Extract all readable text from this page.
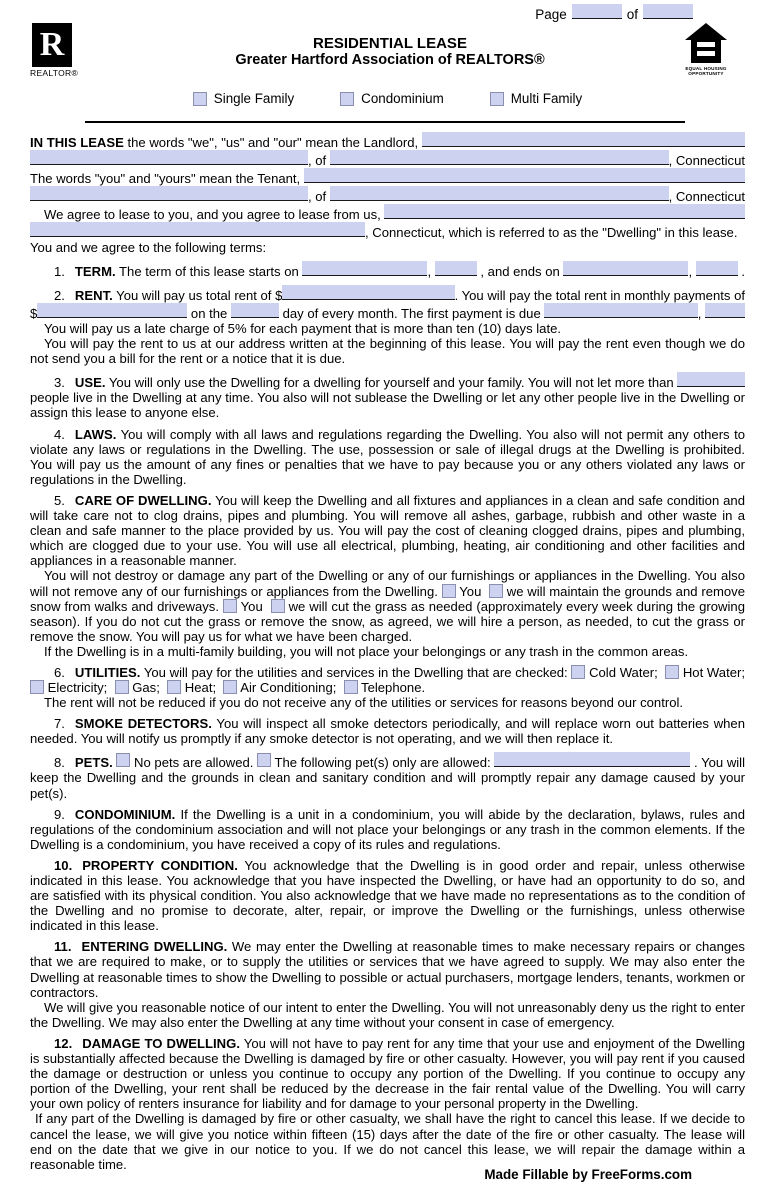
Page	of
R
REALTOR®
RESIDENTIAL LEASE
Greater Hartford Association of REALTORS®
EQUAL HOUSING
OPPORTUNITY
Single Family	Condominium	Multi Family
IN THIS LEASE the words "we", "us" and "our" mean the Landlord,
, of	, Connecticut
The words "you" and "yours" mean the Tenant,
, of	, Connecticut
We agree to lease to you, and you agree to lease from us,
, Connecticut, which is referred to as the "Dwelling" in this lease.
You and we agree to the following terms:
1. TERM. The term of this lease starts on	,	, and ends on	,	.
2. RENT. You will pay us total rent of $	. You will pay the total rent in monthly payments of
$	on the	day of every month. The first payment is due	,
You will pay us a late charge of 5% for each payment that is more than ten (10) days late.
You will pay the rent to us at our address written at the beginning of this lease. You will pay the rent even though we do not send you a bill for the rent or a notice that it is due.
3. USE. You will only use the Dwelling for a dwelling for yourself and your family. You will not let more than
people live in the Dwelling at any time. You also will not sublease the Dwelling or let any other people live in the Dwelling or assign this lease to anyone else.
4. LAWS. You will comply with all laws and regulations regarding the Dwelling. You also will not permit any others to violate any laws or regulations in the Dwelling. The use, possession or sale of illegal drugs at the Dwelling is prohibited. You will pay us the amount of any fines or penalties that we have to pay because you or any others violated any laws or regulations in the Dwelling.
5. CARE OF DWELLING. You will keep the Dwelling and all fixtures and appliances in a clean and safe condition and will take care not to clog drains, pipes and plumbing. You will remove all ashes, garbage, rubbish and other waste in a clean and safe manner to the place provided by us. You will pay the cost of cleaning clogged drains, pipes and plumbing, which are clogged due to your use. You will use all electrical, plumbing, heating, air conditioning and other facilities and appliances in a reasonable manner.
You will not destroy or damage any part of the Dwelling or any of our furnishings or appliances in the Dwelling. You also will not remove any of our furnishings or appliances from the Dwelling.  You   we will maintain the grounds and remove snow from walks and driveways.  You   we will cut the grass as needed (approximately every week during the growing season). If you do not cut the grass or remove the snow, as agreed, we will hire a person, as needed, to cut the grass or remove the snow. You will pay us for what we have been charged.
If the Dwelling is in a multi-family building, you will not place your belongings or any trash in the common areas.
6. UTILITIES. You will pay for the utilities and services in the Dwelling that are checked:  Cold Water;   Hot Water;   Electricity;   Gas;   Heat;   Air Conditioning;   Telephone.
The rent will not be reduced if you do not receive any of the utilities or services for reasons beyond our control.
7. SMOKE DETECTORS. You will inspect all smoke detectors periodically, and will replace worn out batteries when needed. You will notify us promptly if any smoke detector is not operating, and we will then replace it.
8. PETS.
No pets are allowed. The following pet(s) only are allowed:	. You will
keep the Dwelling and the grounds in clean and sanitary condition and will promptly repair any damage caused by your pet(s).
9. CONDOMINIUM. If the Dwelling is a unit in a condominium, you will abide by the declaration, bylaws, rules and regulations of the condominium association and will not place your belongings or any trash in the common elements. If the Dwelling is a condominium, you have received a copy of its rules and regulations.
10. PROPERTY CONDITION. You acknowledge that the Dwelling is in good order and repair, unless otherwise indicated in this lease. You acknowledge that you have inspected the Dwelling, or have had an opportunity to do so, and are satisfied with its physical condition. You also acknowledge that we have made no representations as to the condition of the Dwelling and no promise to decorate, alter, repair, or improve the Dwelling or the furnishings, unless otherwise indicated in this lease.
11. ENTERING DWELLING. We may enter the Dwelling at reasonable times to make necessary repairs or changes that we are required to make, or to supply the utilities or services that we have agreed to supply. We may also enter the Dwelling at reasonable times to show the Dwelling to possible or actual purchasers, mortgage lenders, tenants, workmen or contractors.
We will give you reasonable notice of our intent to enter the Dwelling. You will not unreasonably deny us the right to enter the Dwelling. We may also enter the Dwelling at any time without your consent in case of emergency.
12. DAMAGE TO DWELLING. You will not have to pay rent for any time that your use and enjoyment of the Dwelling is substantially affected because the Dwelling is damaged by fire or other casualty. However, you will pay rent if you caused the damage or destruction or unless you continue to occupy any portion of the Dwelling. If you continue to occupy any portion of the Dwelling, your rent shall be reduced by the decrease in the fair rental value of the Dwelling. You will carry your own policy of renters insurance for liability and for damage to your personal property in the Dwelling.
If any part of the Dwelling is damaged by fire or other casualty, we shall have the right to cancel this lease. If we decide to cancel the lease, we will give you notice within fifteen (15) days after the date of the fire or other casualty. The lease will end on the date that we give in our notice to you. If we do not cancel this lease, we will repair the damage within a reasonable time.
Made Fillable by FreeForms.com
